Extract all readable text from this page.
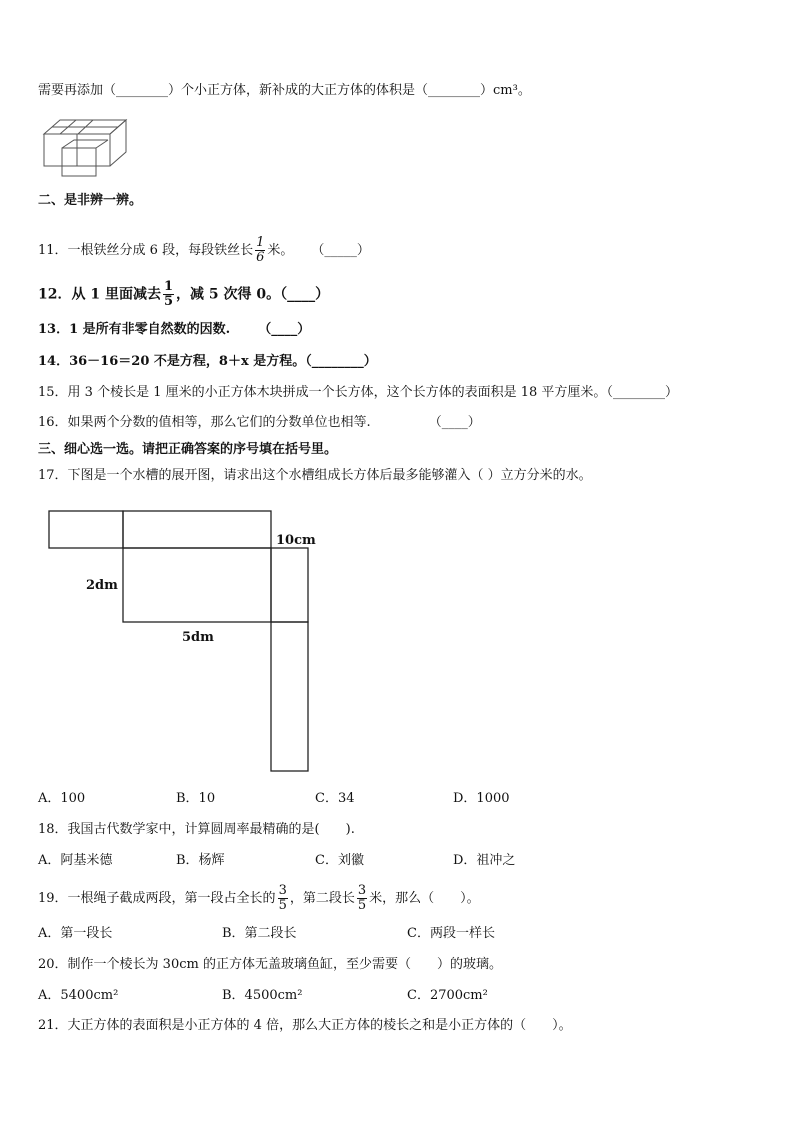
需要再添加（________）个小正方体，新补成的大正方体的体积是（________）cm³。
二、是非辨一辨。
11．一根铁丝分成 6 段，每段铁丝长 $\frac{1}{6}$ 米。 （_____）
12．从 1 里面减去 $\frac{1}{5}$ ，减 5 次得 0。（____）
13．1 是所有非零自然数的因数. （____）
14．36－16＝20 不是方程，8＋x 是方程。（________）
15．用 3 个棱长是 1 厘米的小正方体木块拼成一个长方体，这个长方体的表面积是 18 平方厘米。（________）
16．如果两个分数的值相等，那么它们的分数单位也相等.	（____）
三、细心选一选。请把正确答案的序号填在括号里。
17．下图是一个水槽的展开图，请求出这个水槽组成长方体后最多能够灌入（ ）立方分米的水。
10cm
2dm
5dm
A．100	B．10	C．34	D．1000
18．我国古代数学家中，计算圆周率最精确的是(　　).
A．阿基米德	B．杨辉	C．刘徽	D．祖冲之
19．一根绳子截成两段，第一段占全长的 $\frac{3}{5}$ ，第二段长 $\frac{3}{5}$ 米，那么（　　）。
A．第一段长	B．第二段长	C．两段一样长
20．制作一个棱长为 30cm 的正方体无盖玻璃鱼缸，至少需要（　　）的玻璃。
A．5400cm²	B．4500cm²	C．2700cm²
21．大正方体的表面积是小正方体的 4 倍，那么大正方体的棱长之和是小正方体的（　　）。
